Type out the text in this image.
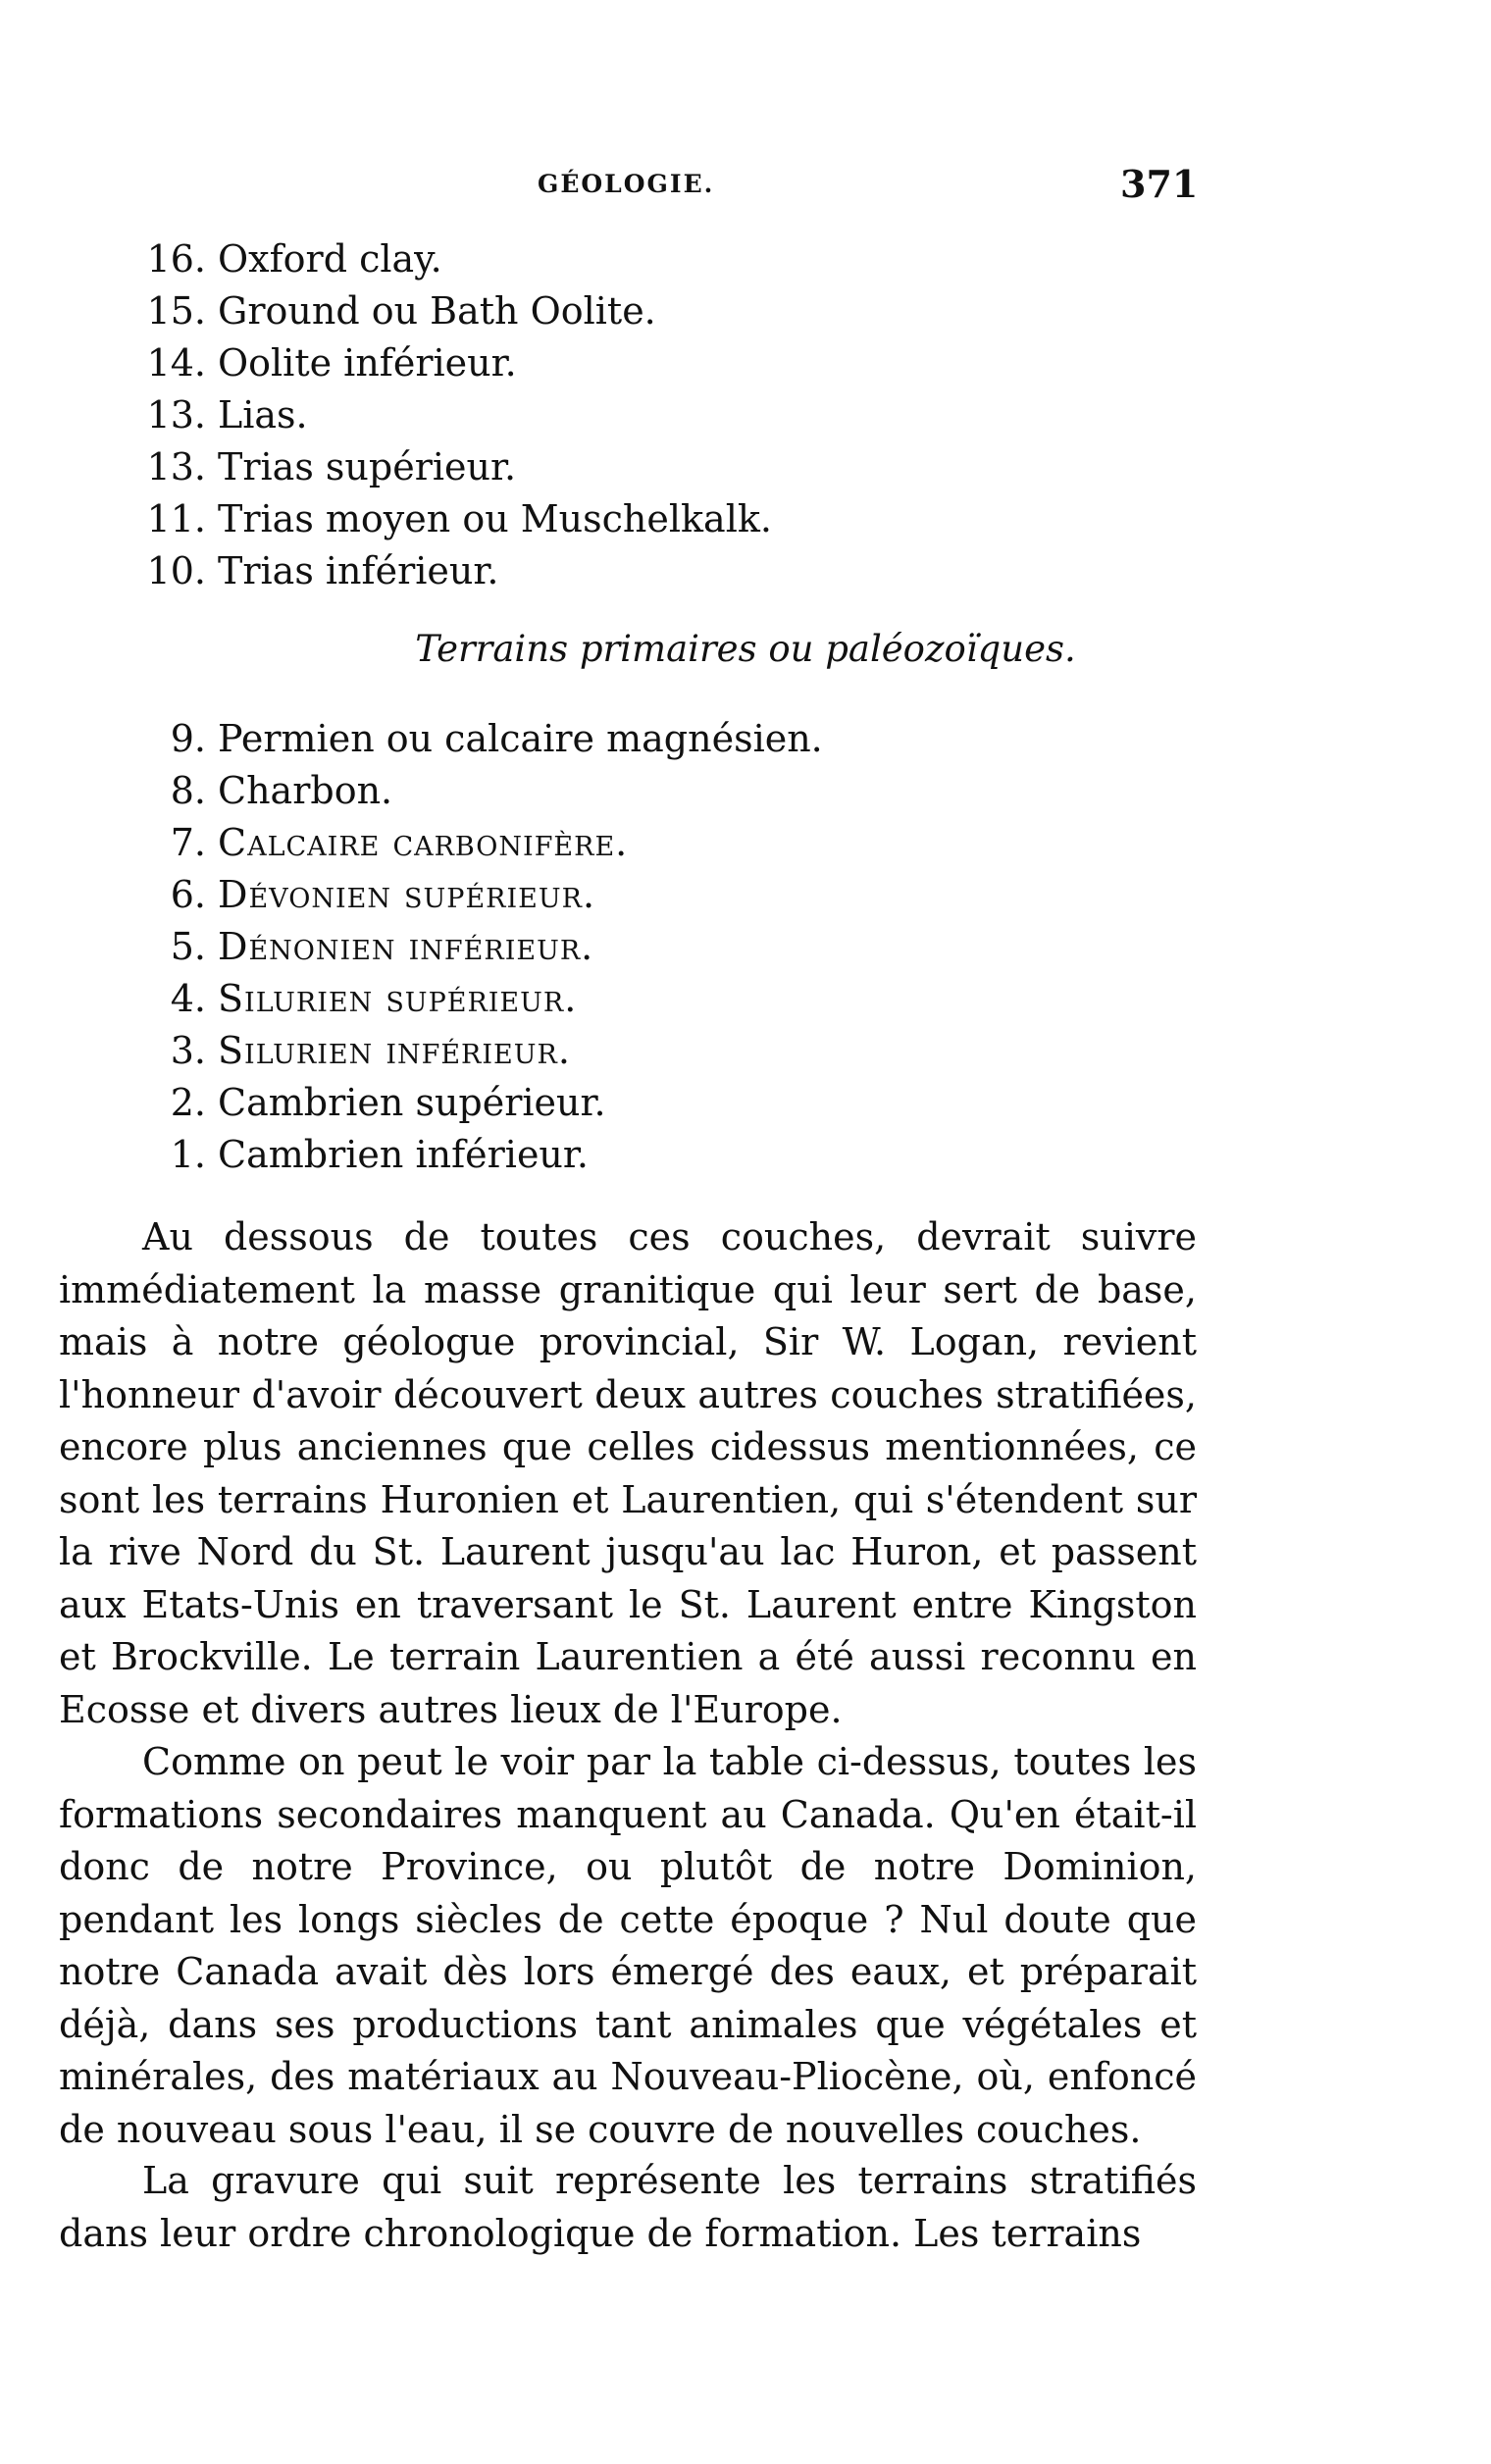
GÉOLOGIE.	371
16. Oxford clay.
15. Ground ou Bath Oolite.
14. Oolite inférieur.
13. Lias.
13. Trias supérieur.
11. Trias moyen ou Muschelkalk.
10. Trias inférieur.
Terrains primaires ou paléozoïques.
9. Permien ou calcaire magnésien.
8. Charbon.
7. Calcaire carbonifère.
6. Dévonien supérieur.
5. Dénonien inférieur.
4. Silurien supérieur.
3. Silurien inférieur.
2. Cambrien supérieur.
1. Cambrien inférieur.

Au dessous de toutes ces couches, devrait suivre immédiatement la masse granitique qui leur sert de base, mais à notre géologue provincial, Sir W. Logan, revient l'honneur d'avoir découvert deux autres couches stratifiées, encore plus anciennes que celles cidessus mentionnées, ce sont les terrains Huronien et Laurentien, qui s'étendent sur la rive Nord du St. Laurent jusqu'au lac Huron, et passent aux Etats-Unis en traversant le St. Laurent entre Kingston et Brockville. Le terrain Laurentien a été aussi reconnu en Ecosse et divers autres lieux de l'Europe.

Comme on peut le voir par la table ci-dessus, toutes les formations secondaires manquent au Canada. Qu'en était-il donc de notre Province, ou plutôt de notre Dominion, pendant les longs siècles de cette époque ? Nul doute que notre Canada avait dès lors émergé des eaux, et préparait déjà, dans ses productions tant animales que végétales et minérales, des matériaux au Nouveau-Pliocène, où, enfoncé de nouveau sous l'eau, il se couvre de nouvelles couches.

La gravure qui suit représente les terrains stratifiés dans leur ordre chronologique de formation. Les terrains
